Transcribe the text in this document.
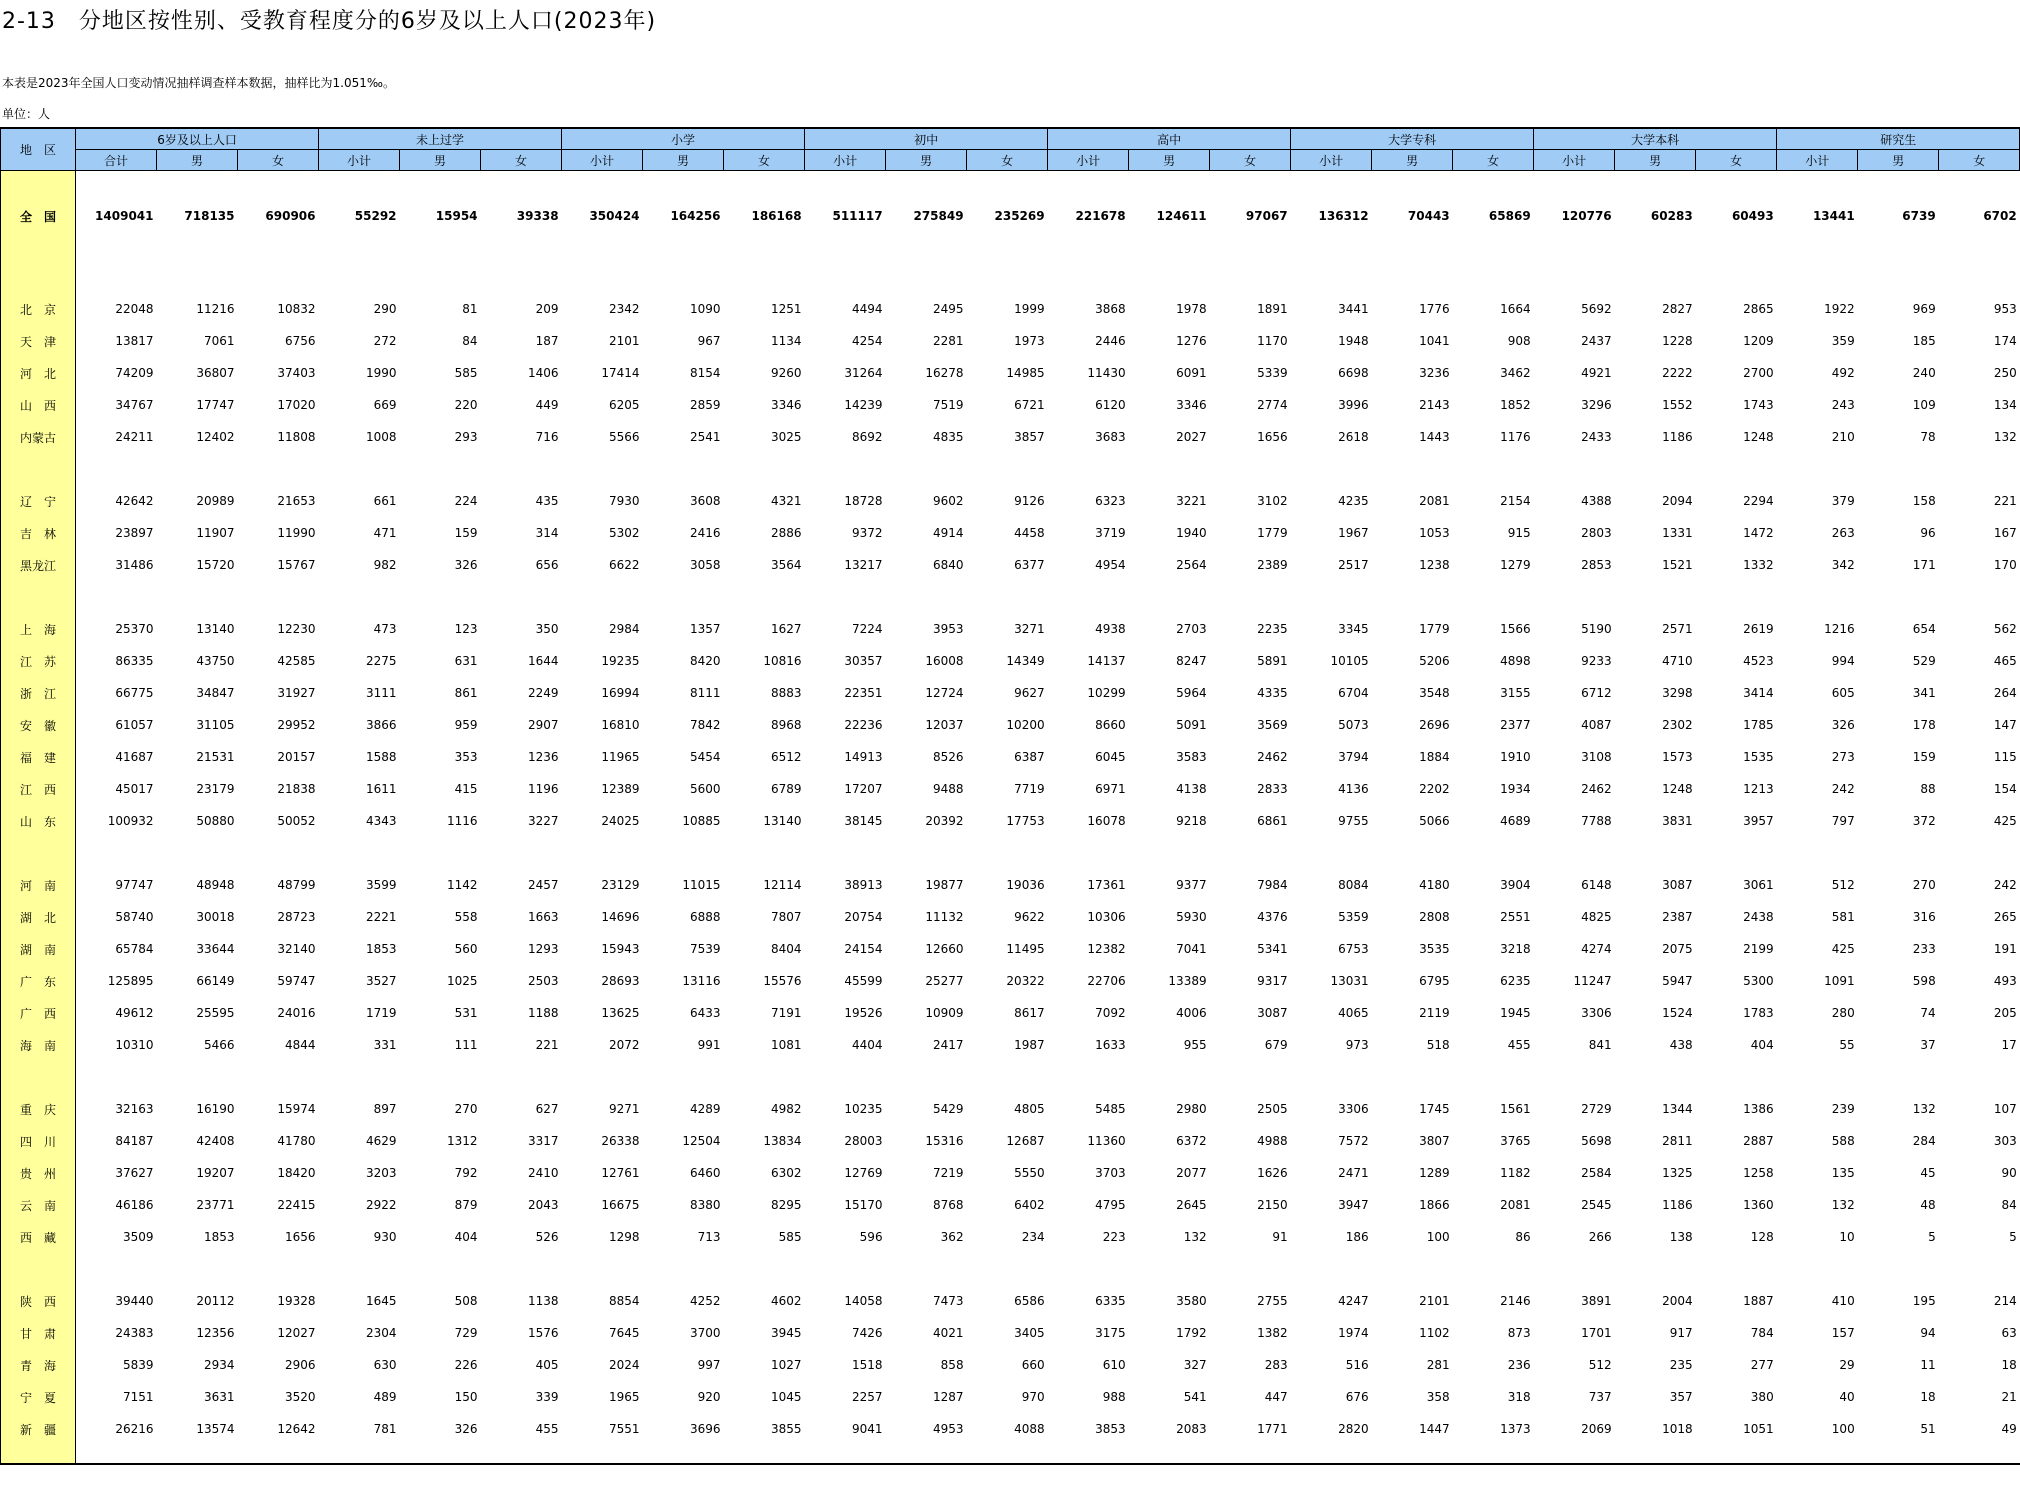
2-13　分地区按性别、受教育程度分的6岁及以上人口(2023年)
本表是2023年全国人口变动情况抽样调查样本数据，抽样比为1.051‰。
单位：人
地　区	6岁及以上人口			未上过学			小学			初中			高中			大学专科			大学本科			研究生		
	合计	男	女	小计	男	女	小计	男	女	小计	男	女	小计	男	女	小计	男	女	小计	男	女	小计	男	女
全　国	1409041	718135	690906	55292	15954	39338	350424	164256	186168	511117	275849	235269	221678	124611	97067	136312	70443	65869	120776	60283	60493	13441	6739	6702

北　京	22048	11216	10832	290	81	209	2342	1090	1251	4494	2495	1999	3868	1978	1891	3441	1776	1664	5692	2827	2865	1922	969	953
天　津	13817	7061	6756	272	84	187	2101	967	1134	4254	2281	1973	2446	1276	1170	1948	1041	908	2437	1228	1209	359	185	174
河　北	74209	36807	37403	1990	585	1406	17414	8154	9260	31264	16278	14985	11430	6091	5339	6698	3236	3462	4921	2222	2700	492	240	250
山　西	34767	17747	17020	669	220	449	6205	2859	3346	14239	7519	6721	6120	3346	2774	3996	2143	1852	3296	1552	1743	243	109	134
内蒙古	24211	12402	11808	1008	293	716	5566	2541	3025	8692	4835	3857	3683	2027	1656	2618	1443	1176	2433	1186	1248	210	78	132

辽　宁	42642	20989	21653	661	224	435	7930	3608	4321	18728	9602	9126	6323	3221	3102	4235	2081	2154	4388	2094	2294	379	158	221
吉　林	23897	11907	11990	471	159	314	5302	2416	2886	9372	4914	4458	3719	1940	1779	1967	1053	915	2803	1331	1472	263	96	167
黑龙江	31486	15720	15767	982	326	656	6622	3058	3564	13217	6840	6377	4954	2564	2389	2517	1238	1279	2853	1521	1332	342	171	170

上　海	25370	13140	12230	473	123	350	2984	1357	1627	7224	3953	3271	4938	2703	2235	3345	1779	1566	5190	2571	2619	1216	654	562
江　苏	86335	43750	42585	2275	631	1644	19235	8420	10816	30357	16008	14349	14137	8247	5891	10105	5206	4898	9233	4710	4523	994	529	465
浙　江	66775	34847	31927	3111	861	2249	16994	8111	8883	22351	12724	9627	10299	5964	4335	6704	3548	3155	6712	3298	3414	605	341	264
安　徽	61057	31105	29952	3866	959	2907	16810	7842	8968	22236	12037	10200	8660	5091	3569	5073	2696	2377	4087	2302	1785	326	178	147
福　建	41687	21531	20157	1588	353	1236	11965	5454	6512	14913	8526	6387	6045	3583	2462	3794	1884	1910	3108	1573	1535	273	159	115
江　西	45017	23179	21838	1611	415	1196	12389	5600	6789	17207	9488	7719	6971	4138	2833	4136	2202	1934	2462	1248	1213	242	88	154
山　东	100932	50880	50052	4343	1116	3227	24025	10885	13140	38145	20392	17753	16078	9218	6861	9755	5066	4689	7788	3831	3957	797	372	425

河　南	97747	48948	48799	3599	1142	2457	23129	11015	12114	38913	19877	19036	17361	9377	7984	8084	4180	3904	6148	3087	3061	512	270	242
湖　北	58740	30018	28723	2221	558	1663	14696	6888	7807	20754	11132	9622	10306	5930	4376	5359	2808	2551	4825	2387	2438	581	316	265
湖　南	65784	33644	32140	1853	560	1293	15943	7539	8404	24154	12660	11495	12382	7041	5341	6753	3535	3218	4274	2075	2199	425	233	191
广　东	125895	66149	59747	3527	1025	2503	28693	13116	15576	45599	25277	20322	22706	13389	9317	13031	6795	6235	11247	5947	5300	1091	598	493
广　西	49612	25595	24016	1719	531	1188	13625	6433	7191	19526	10909	8617	7092	4006	3087	4065	2119	1945	3306	1524	1783	280	74	205
海　南	10310	5466	4844	331	111	221	2072	991	1081	4404	2417	1987	1633	955	679	973	518	455	841	438	404	55	37	17

重　庆	32163	16190	15974	897	270	627	9271	4289	4982	10235	5429	4805	5485	2980	2505	3306	1745	1561	2729	1344	1386	239	132	107
四　川	84187	42408	41780	4629	1312	3317	26338	12504	13834	28003	15316	12687	11360	6372	4988	7572	3807	3765	5698	2811	2887	588	284	303
贵　州	37627	19207	18420	3203	792	2410	12761	6460	6302	12769	7219	5550	3703	2077	1626	2471	1289	1182	2584	1325	1258	135	45	90
云　南	46186	23771	22415	2922	879	2043	16675	8380	8295	15170	8768	6402	4795	2645	2150	3947	1866	2081	2545	1186	1360	132	48	84
西　藏	3509	1853	1656	930	404	526	1298	713	585	596	362	234	223	132	91	186	100	86	266	138	128	10	5	5

陕　西	39440	20112	19328	1645	508	1138	8854	4252	4602	14058	7473	6586	6335	3580	2755	4247	2101	2146	3891	2004	1887	410	195	214
甘　肃	24383	12356	12027	2304	729	1576	7645	3700	3945	7426	4021	3405	3175	1792	1382	1974	1102	873	1701	917	784	157	94	63
青　海	5839	2934	2906	630	226	405	2024	997	1027	1518	858	660	610	327	283	516	281	236	512	235	277	29	11	18
宁　夏	7151	3631	3520	489	150	339	1965	920	1045	2257	1287	970	988	541	447	676	358	318	737	357	380	40	18	21
新　疆	26216	13574	12642	781	326	455	7551	3696	3855	9041	4953	4088	3853	2083	1771	2820	1447	1373	2069	1018	1051	100	51	49
